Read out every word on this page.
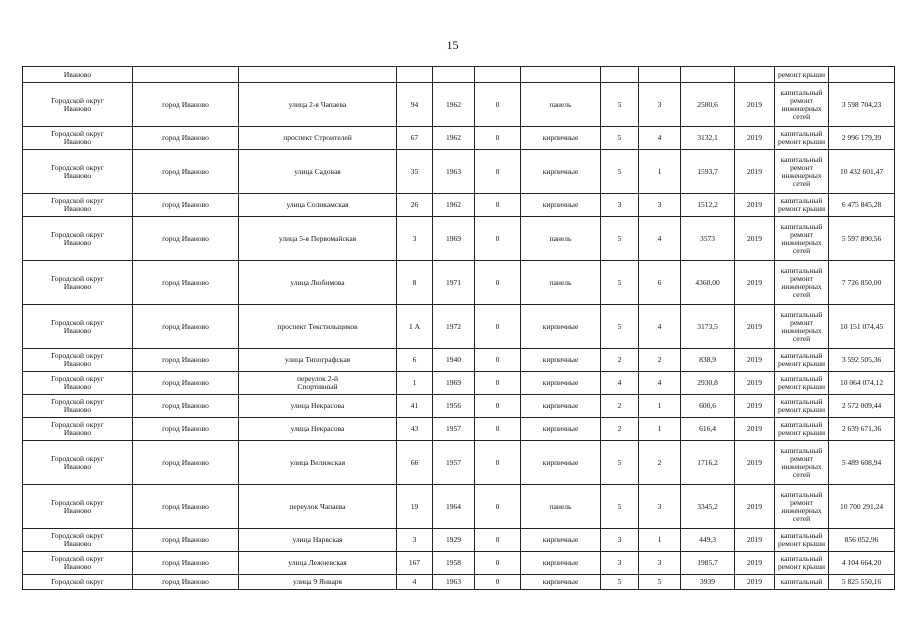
15
Иваново											ремонт крыши	
Городской округ
Иваново	город Иваново	улица 2-я Чапаева	94	1962	0	панель	5	3	2580,6	2019	капитальный
ремонт
инженерных
сетей	3 598 704,23
Городской округ
Иваново	город Иваново	проспект Строителей	67	1962	0	кирпичные	5	4	3132,1	2019	капитальный
ремонт крыши	2 996 179,39
Городской округ
Иваново	город Иваново	улица Садовая	35	1963	0	кирпичные	5	1	1593,7	2019	капитальный
ремонт
инженерных
сетей	10 432 601,47
Городской округ
Иваново	город Иваново	улица Соликамская	26	1962	0	кирпичные	3	3	1512,2	2019	капитальный
ремонт крыши	6 475 845,28
Городской округ
Иваново	город Иваново	улица 5-я Первомайская	3	1969	0	панель	5	4	3573	2019	капитальный
ремонт
инженерных
сетей	5 597 890,56
Городской округ
Иваново	город Иваново	улица Любимова	8	1971	0	панель	5	6	4360,00	2019	капитальный
ремонт
инженерных
сетей	7 726 850,00
Городской округ
Иваново	город Иваново	проспект Текстильщиков	1 А	1972	0	кирпичные	5	4	3173,5	2019	капитальный
ремонт
инженерных
сетей	10 151 074,45
Городской округ
Иваново	город Иваново	улица Типографская	6	1940	0	кирпичные	2	2	838,9	2019	капитальный
ремонт крыши	3 592 505,36
Городской округ
Иваново	город Иваново	переулок 2-й
Спортивный	1	1969	0	кирпичные	4	4	2930,8	2019	капитальный
ремонт крыши	10 064 074,12
Городской округ
Иваново	город Иваново	улица Некрасова	41	1956	0	кирпичные	2	1	600,6	2019	капитальный
ремонт крыши	2 572 009,44
Городской округ
Иваново	город Иваново	улица Некрасова	43	1957	0	кирпичные	2	1	616,4	2019	капитальный
ремонт крыши	2 639 671,36
Городской округ
Иваново	город Иваново	улица Велижская	66	1957	0	кирпичные	5	2	1716,2	2019	капитальный
ремонт
инженерных
сетей	5 489 608,94
Городской округ
Иваново	город Иваново	переулок Чапаева	19	1964	0	панель	5	3	3345,2	2019	капитальный
ремонт
инженерных
сетей	10 700 291,24
Городской округ
Иваново	город Иваново	улица Нарвская	3	1929	0	кирпичные	3	1	449,3	2019	капитальный
ремонт крыши	856 052,96
Городской округ
Иваново	город Иваново	улица Лежневская	167	1958	0	кирпичные	3	3	1985,7	2019	капитальный
ремонт крыши	4 104 664,20
Городской округ	город Иваново	улица 9 Января	4	1963	0	кирпичные	5	5	3939	2019	капитальный	5 825 550,16
